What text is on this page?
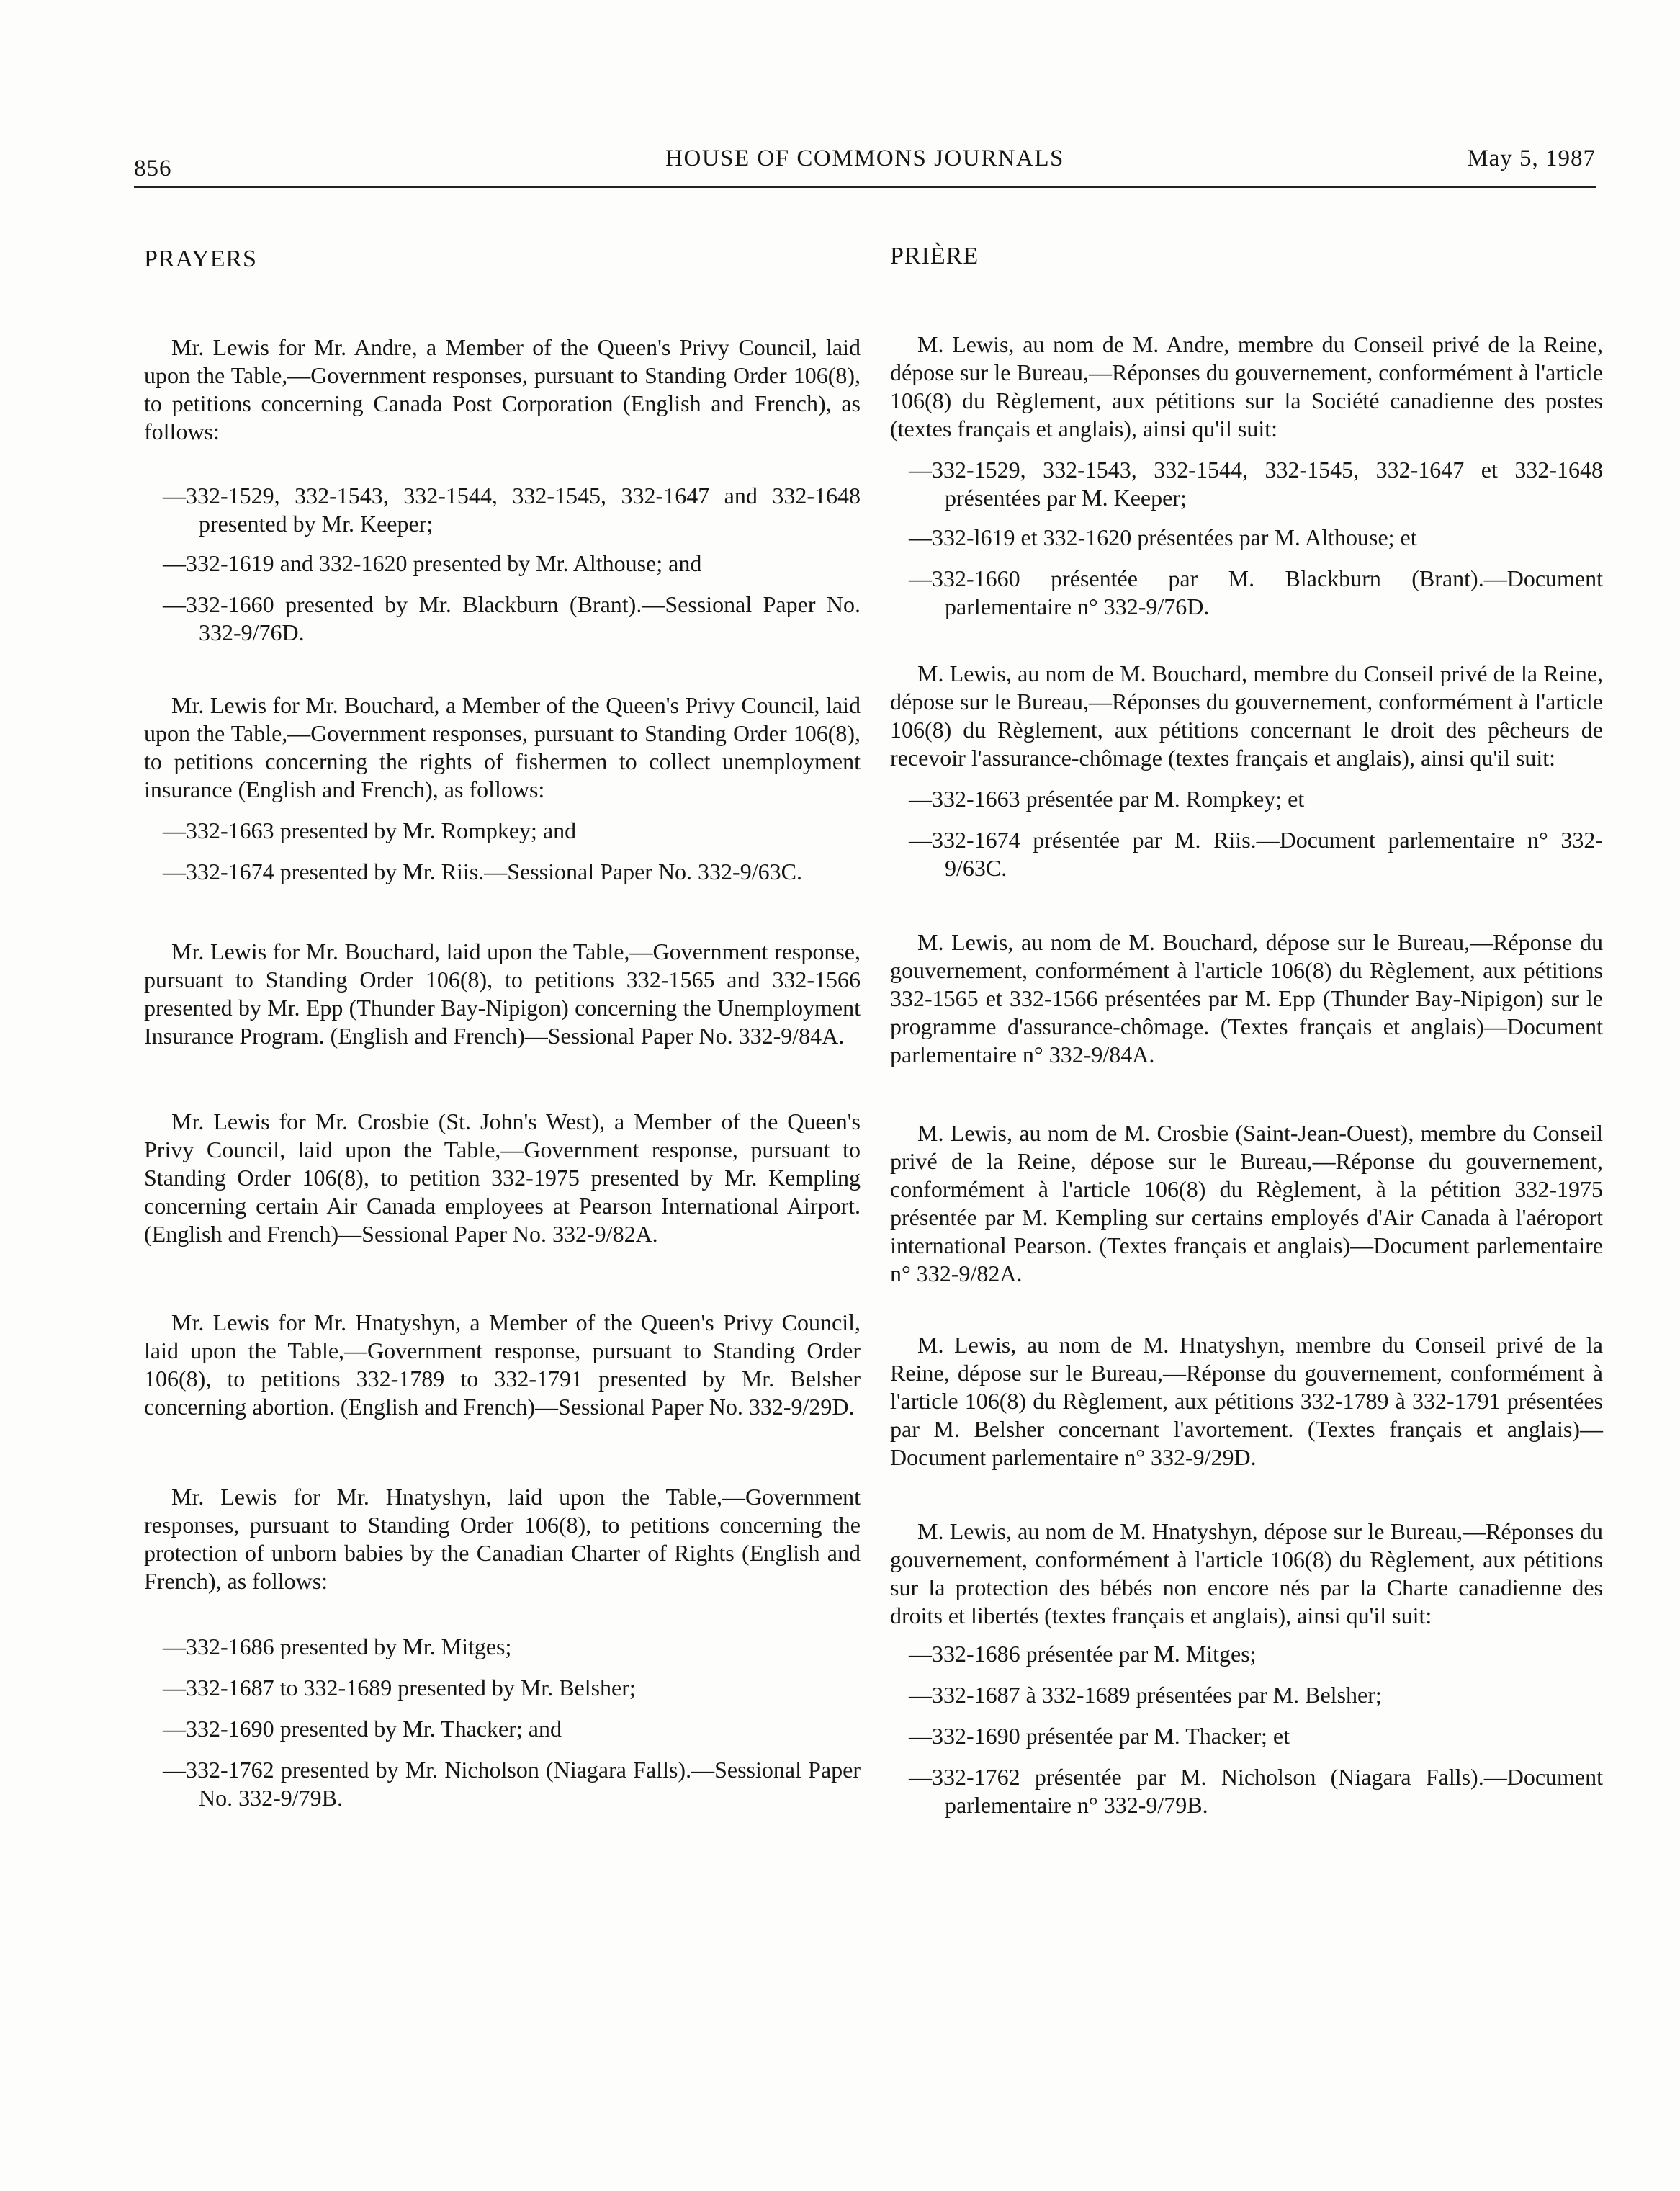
856	HOUSE OF COMMONS JOURNALS	May 5, 1987
PRAYERS

Mr. Lewis for Mr. Andre, a Member of the Queen's Privy Council, laid upon the Table,—Government responses, pursuant to Standing Order 106(8), to petitions concerning Canada Post Corporation (English and French), as follows:

—332-1529, 332-1543, 332-1544, 332-1545, 332-1647 and 332-1648 presented by Mr. Keeper;

—332-1619 and 332-1620 presented by Mr. Althouse; and

—332-1660 presented by Mr. Blackburn (Brant).—Sessional Paper No. 332-9/76D.

Mr. Lewis for Mr. Bouchard, a Member of the Queen's Privy Council, laid upon the Table,—Government responses, pursuant to Standing Order 106(8), to petitions concerning the rights of fishermen to collect unemployment insurance (English and French), as follows:

—332-1663 presented by Mr. Rompkey; and

—332-1674 presented by Mr. Riis.—Sessional Paper No. 332-9/63C.

Mr. Lewis for Mr. Bouchard, laid upon the Table,—Government response, pursuant to Standing Order 106(8), to petitions 332-1565 and 332-1566 presented by Mr. Epp (Thunder Bay-Nipigon) concerning the Unemployment Insurance Program. (English and French)—Sessional Paper No. 332-9/84A.

Mr. Lewis for Mr. Crosbie (St. John's West), a Member of the Queen's Privy Council, laid upon the Table,—Government response, pursuant to Standing Order 106(8), to petition 332-1975 presented by Mr. Kempling concerning certain Air Canada employees at Pearson International Airport. (English and French)—Sessional Paper No. 332-9/82A.

Mr. Lewis for Mr. Hnatyshyn, a Member of the Queen's Privy Council, laid upon the Table,—Government response, pursuant to Standing Order 106(8), to petitions 332-1789 to 332-1791 presented by Mr. Belsher concerning abortion. (English and French)—Sessional Paper No. 332-9/29D.

Mr. Lewis for Mr. Hnatyshyn, laid upon the Table,—Government responses, pursuant to Standing Order 106(8), to petitions concerning the protection of unborn babies by the Canadian Charter of Rights (English and French), as follows:

—332-1686 presented by Mr. Mitges;

—332-1687 to 332-1689 presented by Mr. Belsher;

—332-1690 presented by Mr. Thacker; and

—332-1762 presented by Mr. Nicholson (Niagara Falls).—Sessional Paper No. 332-9/79B.

PRIÈRE

M. Lewis, au nom de M. Andre, membre du Conseil privé de la Reine, dépose sur le Bureau,—Réponses du gouvernement, conformément à l'article 106(8) du Règlement, aux pétitions sur la Société canadienne des postes (textes français et anglais), ainsi qu'il suit:

—332-1529, 332-1543, 332-1544, 332-1545, 332-1647 et 332-1648 présentées par M. Keeper;

—332-l619 et 332-1620 présentées par M. Althouse; et

—332-1660 présentée par M. Blackburn (Brant).—Document parlementaire n° 332-9/76D.

M. Lewis, au nom de M. Bouchard, membre du Conseil privé de la Reine, dépose sur le Bureau,—Réponses du gouvernement, conformément à l'article 106(8) du Règlement, aux pétitions concernant le droit des pêcheurs de recevoir l'assurance-chômage (textes français et anglais), ainsi qu'il suit:

—332-1663 présentée par M. Rompkey; et

—332-1674 présentée par M. Riis.—Document parlementaire n° 332-9/63C.

M. Lewis, au nom de M. Bouchard, dépose sur le Bureau,—Réponse du gouvernement, conformément à l'article 106(8) du Règlement, aux pétitions 332-1565 et 332-1566 présentées par M. Epp (Thunder Bay-Nipigon) sur le programme d'assurance-chômage. (Textes français et anglais)—Document parlementaire n° 332-9/84A.

M. Lewis, au nom de M. Crosbie (Saint-Jean-Ouest), membre du Conseil privé de la Reine, dépose sur le Bureau,—Réponse du gouvernement, conformément à l'article 106(8) du Règlement, à la pétition 332-1975 présentée par M. Kempling sur certains employés d'Air Canada à l'aéroport international Pearson. (Textes français et anglais)—Document parlementaire n° 332-9/82A.

M. Lewis, au nom de M. Hnatyshyn, membre du Conseil privé de la Reine, dépose sur le Bureau,—Réponse du gouvernement, conformément à l'article 106(8) du Règlement, aux pétitions 332-1789 à 332-1791 présentées par M. Belsher concernant l'avortement. (Textes français et anglais)—Document parlementaire n° 332-9/29D.

M. Lewis, au nom de M. Hnatyshyn, dépose sur le Bureau,—Réponses du gouvernement, conformément à l'article 106(8) du Règlement, aux pétitions sur la protection des bébés non encore nés par la Charte canadienne des droits et libertés (textes français et anglais), ainsi qu'il suit:

—332-1686 présentée par M. Mitges;

—332-1687 à 332-1689 présentées par M. Belsher;

—332-1690 présentée par M. Thacker; et

—332-1762 présentée par M. Nicholson (Niagara Falls).—Document parlementaire n° 332-9/79B.
